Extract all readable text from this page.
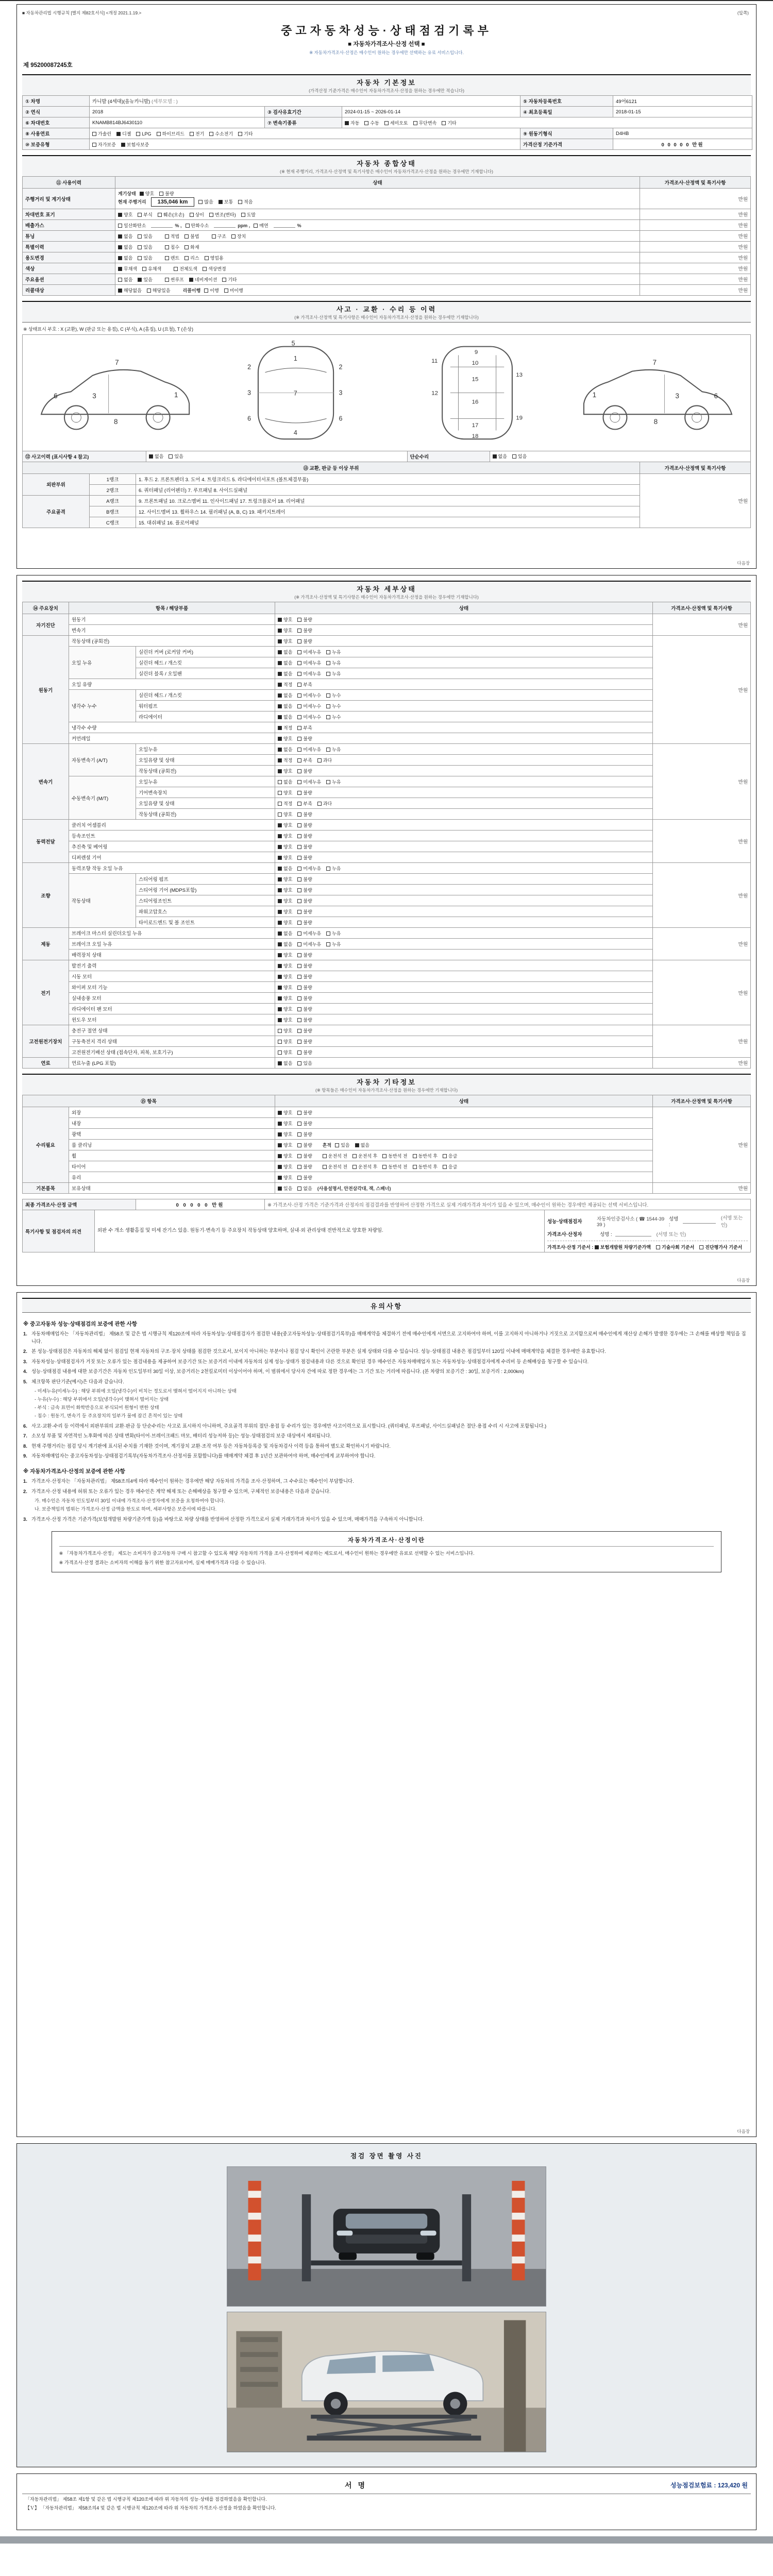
■ 자동차관리법 시행규칙 [별지 제82호서식] <개정 2021.1.19.>	(앞쪽)
중고자동차성능·상태점검기록부
■ 자동차가격조사·산정 선택 ■
※ 자동차가격조사·산정은 매수인이 원하는 경우에만 선택하는 유료 서비스입니다.
제 95200087245호
자동차 기본정보
(가격산정 기준가격은 매수인이 자동차가격조사·산정을 원하는 경우에만 적습니다)
① 차명	카니발 (4세대)(올뉴카니발) (세부모델 : )			⑤ 자동차등록번호	49어6121
② 연식	2018	③ 검사유효기간	2024-01-15 ~ 2026-01-14	④ 최초등록일	2018-01-15
⑥ 차대번호	KNAMB814BJ6430110	⑦ 변속기종류	자동 수동 세미오토 무단변속 기타		
⑧ 사용연료	가솔린 디젤 LPG 하이브리드 전기 수소전기 기타			⑨ 원동기형식	D4HB
⑩ 보증유형	자가보증 보험사보증			가격산정 기준가격	0 0 0 0 0 만원
자동차 종합상태
(※ 현재 주행거리, 가격조사·산정액 및 특기사항은 매수인이 자동차가격조사·산정을 원하는 경우에만 기재합니다)
⑪ 사용이력	상태	가격조사·산정액 및 특기사항
주행거리 및 계기상태	계기상태 양호 불량
현재 주행거리 135,046 km 많음 보통 적음	만원
차대번호 표기	양호 부식 훼손(오손) 상이 변조(변타) 도말	만원
배출가스	일산화탄소 % , 탄화수소 ppm , 매연 %	만원
튜닝	없음 있음 적법 불법 구조 장치	만원
특별이력	없음 있음 침수 화재	만원
용도변경	없음 있음 렌트 리스 영업용	만원
색상	무채색 유채색 전체도색 색상변경	만원
주요옵션	없음 있음 썬루프 네비게이션 기타	만원
리콜대상	해당없음 해당있음 리콜이행 이행 미이행	만원
사고 · 교환 · 수리 등 이력
(※ 가격조사·산정액 및 특기사항은 매수인이 자동차가격조사·산정을 원하는 경우에만 기재합니다)
※ 상태표시 부호 : X (교환), W (판금 또는 용접), C (부식), A (흠집), U (요철), T (손상)
7
3	1
6
8
1
7
4
2	2
3	3
6	6
5
9
10
11
12
13
15
16
17
18
19
7
3
1	6
8
⑫ 사고이력 (표시사항 4 참고)	없음 있음	단순수리	없음 있음
⑬ 교환, 판금 등 이상 부위			가격조사·산정액 및 특기사항
외판부위	1랭크	1. 후드 2. 프론트펜더 3. 도어 4. 트렁크리드 5. 라디에이터서포트 (볼트체결부품)	만원
	2랭크	6. 쿼터패널 (리어펜더) 7. 루프패널 8. 사이드실패널	
주요골격	A랭크	9. 프론트패널 10. 크로스멤버 11. 인사이드패널 17. 트렁크플로어 18. 리어패널	
	B랭크	12. 사이드멤버 13. 휠하우스 14. 필러패널 (A, B, C) 19. 패키지트레이	
	C랭크	15. 대쉬패널 16. 플로어패널	
다음장
자동차 세부상태
(※ 가격조사·산정액 및 특기사항은 매수인이 자동차가격조사·산정을 원하는 경우에만 기재합니다)
⑭ 주요장치	항목 / 해당부품		상태	가격조사·산정액 및 특기사항
자기진단	원동기		양호 불량	만원
	변속기		양호 불량	
원동기	작동상태 (공회전)		양호 불량	만원
	오일 누유	실린더 커버 (로커암 커버)	없음 미세누유 누유	
		실린더 헤드 / 개스킷	없음 미세누유 누유	
		실린더 블록 / 오일팬	없음 미세누유 누유	
	오일 유량		적정 부족	
	냉각수 누수	실린더 헤드 / 개스킷	없음 미세누수 누수	
		워터펌프	없음 미세누수 누수	
		라디에이터	없음 미세누수 누수	
	냉각수 수량		적정 부족	
	커먼레일		양호 불량	
변속기	자동변속기 (A/T)	오일누유	없음 미세누유 누유	만원
		오일유량 및 상태	적정 부족 과다	
		작동상태 (공회전)	양호 불량	
	수동변속기 (M/T)	오일누유	없음 미세누유 누유	
		기어변속장치	양호 불량	
		오일유량 및 상태	적정 부족 과다	
		작동상태 (공회전)	양호 불량	
동력전달	클러치 어셈블리		양호 불량	만원
	등속조인트		양호 불량	
	추진축 및 베어링		양호 불량	
	디퍼렌셜 기어		양호 불량	
조향	동력조향 작동 오일 누유		없음 미세누유 누유	만원
	작동상태	스티어링 펌프	양호 불량	
		스티어링 기어 (MDPS포함)	양호 불량	
		스티어링조인트	양호 불량	
		파워고압호스	양호 불량	
		타이로드엔드 및 볼 조인트	양호 불량	
제동	브레이크 마스터 실린더오일 누유		없음 미세누유 누유	만원
	브레이크 오일 누유		없음 미세누유 누유	
	배력장치 상태		양호 불량	
전기	발전기 출력		양호 불량	만원
	시동 모터		양호 불량	
	와이퍼 모터 기능		양호 불량	
	실내송풍 모터		양호 불량	
	라디에이터 팬 모터		양호 불량	
	윈도우 모터		양호 불량	
고전원전기장치	충전구 절연 상태		양호 불량	만원
	구동축전지 격리 상태		양호 불량	
	고전원전기배선 상태 (접속단자, 피복, 보호기구)		양호 불량	
연료	연료누출 (LPG 포함)		없음 있음	만원
자동차 기타정보
(※ 항목들은 매수인이 자동차가격조사·산정을 원하는 경우에만 기재합니다)
⑮ 항목		상태	가격조사·산정액 및 특기사항
수리필요	외장	양호 불량	만원
	내장	양호 불량	
	광택	양호 불량	
	룸 클리닝	양호 불량 흔적 있음 없음	
	휠	양호 불량 운전석 전 운전석 후 동반석 전 동반석 후 응급	
	타이어	양호 불량 운전석 전 운전석 후 동반석 전 동반석 후 응급	
	유리	양호 불량	
기본품목	보유상태	있음 없음 (사용설명서, 안전삼각대, 잭, 스패너)	만원
최종 가격조사·산정 금액	0 0 0 0 0 만원	※ 가격조사·산정 가격은 기준가격과 산정자의 점검결과를 반영하여 산정한 가격으로 실제 거래가격과 차이가 있을 수 있으며, 매수인이 원하는 경우에만 제공되는 선택 서비스입니다.
특기사항 및 점검자의 의견	외판 수 개소 생활흠집 및 미세 잔기스 있음. 원동기·변속기 등 주요장치 작동상태 양호하며, 실내·외 관리상태 전반적으로 양호한 차량임.	
성능·상태점검자	자동차인증검사소 ( ☎ 1544-3939 )
성명 :
(서명 또는 인)
가격조사·산정자	성명 :	(서명 또는 인)
가격조사·산정 기준서 : 보험개발원 차량기준가액 기술사회 기준서 진단평가사 기준서
다음장
유의사항
※ 중고자동차 성능·상태점검의 보증에 관한 사항
1. 자동차매매업자는 「자동차관리법」 제58조 및 같은 법 시행규칙 제120조에 따라 자동차성능·상태점검자가 점검한 내용(중고자동차성능·상태점검기록부)을 매매계약을 체결하기 전에 매수인에게 서면으로 고지하여야 하며, 이를 고지하지 아니하거나 거짓으로 고지함으로써 매수인에게 재산상 손해가 발생한 경우에는 그 손해를 배상할 책임을 집니다.
2. 본 성능·상태점검은 자동차의 해체 없이 점검일 현재 자동차의 구조·장치 상태를 점검한 것으로서, 보이지 아니하는 부분이나 점검 당시 확인이 곤란한 부분은 실제 상태와 다를 수 있습니다. 성능·상태점검 내용은 점검일부터 120일 이내에 매매계약을 체결한 경우에만 유효합니다.
3. 자동차성능·상태점검자가 거짓 또는 오류가 있는 점검내용을 제공하여 보증기간 또는 보증거리 이내에 자동차의 실제 성능·상태가 점검내용과 다른 것으로 확인된 경우 매수인은 자동차매매업자 또는 자동차성능·상태점검자에게 수리비 등 손해배상을 청구할 수 있습니다.
4. 성능·상태점검 내용에 대한 보증기간은 자동차 인도일부터 30일 이상, 보증거리는 2천킬로미터 이상이어야 하며, 이 범위에서 당사자 간에 따로 정한 경우에는 그 기간 또는 거리에 따릅니다. (본 차량의 보증기간 : 30일, 보증거리 : 2,000km)
5. 체크항목 판단기준(예시)은 다음과 같습니다.
- 미세누유(미세누수) : 해당 부위에 오일(냉각수)이 비치는 정도로서 맺혀서 떨어지지 아니하는 상태
- 누유(누수) : 해당 부위에서 오일(냉각수)이 맺혀서 떨어지는 상태
- 부식 : 금속 표면이 화학반응으로 부식되어 원형이 변한 상태
- 침수 : 원동기, 변속기 등 주요장치의 일부가 물에 잠긴 흔적이 있는 상태
6. 사고·교환·수리 등 이력에서 외판부위의 교환·판금 등 단순수리는 사고로 표시하지 아니하며, 주요골격 부위의 절단·용접 등 수리가 있는 경우에만 사고이력으로 표시합니다. (쿼터패널, 루프패널, 사이드실패널은 절단·용접 수리 시 사고에 포함됩니다.)
7. 소모성 부품 및 자연적인 노후화에 따른 상태 변화(타이어·브레이크패드 마모, 배터리 성능저하 등)는 성능·상태점검의 보증 대상에서 제외됩니다.
8. 현재 주행거리는 점검 당시 계기판에 표시된 수치를 기재한 것이며, 계기장치 교환·조작 여부 등은 자동차등록증 및 자동차검사 이력 등을 통하여 별도로 확인하시기 바랍니다.
9. 자동차매매업자는 중고자동차성능·상태점검기록부(자동차가격조사·산정서를 포함합니다)를 매매계약 체결 후 1년간 보관하여야 하며, 매수인에게 교부하여야 합니다.
※ 자동차가격조사·산정의 보증에 관한 사항
1. 가격조사·산정자는 「자동차관리법」 제58조의4에 따라 매수인이 원하는 경우에만 해당 자동차의 가격을 조사·산정하며, 그 수수료는 매수인이 부담합니다.
2. 가격조사·산정 내용에 허위 또는 오류가 있는 경우 매수인은 계약 해제 또는 손해배상을 청구할 수 있으며, 구체적인 보증내용은 다음과 같습니다.
가. 매수인은 자동차 인도일부터 30일 이내에 가격조사·산정자에게 보증을 요청하여야 합니다.
나. 보증책임의 범위는 가격조사·산정 금액을 한도로 하며, 세부사항은 보증서에 따릅니다.
3. 가격조사·산정 가격은 기준가격(보험개발원 차량기준가액 등)을 바탕으로 차량 상태를 반영하여 산정한 가격으로서 실제 거래가격과 차이가 있을 수 있으며, 매매가격을 구속하지 아니합니다.
자동차가격조사·산정이란
※ 「자동차가격조사·산정」 제도는 소비자가 중고자동차 구매 시 참고할 수 있도록 해당 자동차의 가격을 조사·산정하여 제공하는 제도로서, 매수인이 원하는 경우에만 유료로 선택할 수 있는 서비스입니다.
※ 가격조사·산정 결과는 소비자의 이해를 돕기 위한 참고자료이며, 실제 매매가격과 다를 수 있습니다.
다음장
점검 장면 촬영 사진
서명	성능점검보험료 : 123,420 원
「자동차관리법」 제58조 제1항 및 같은 법 시행규칙 제120조에 따라 위 자동차의 성능·상태를 점검하였음을 확인합니다.
【Ｖ】 「자동차관리법」 제58조의4 및 같은 법 시행규칙 제120조에 따라 위 자동차의 가격조사·산정을 하였음을 확인합니다.
